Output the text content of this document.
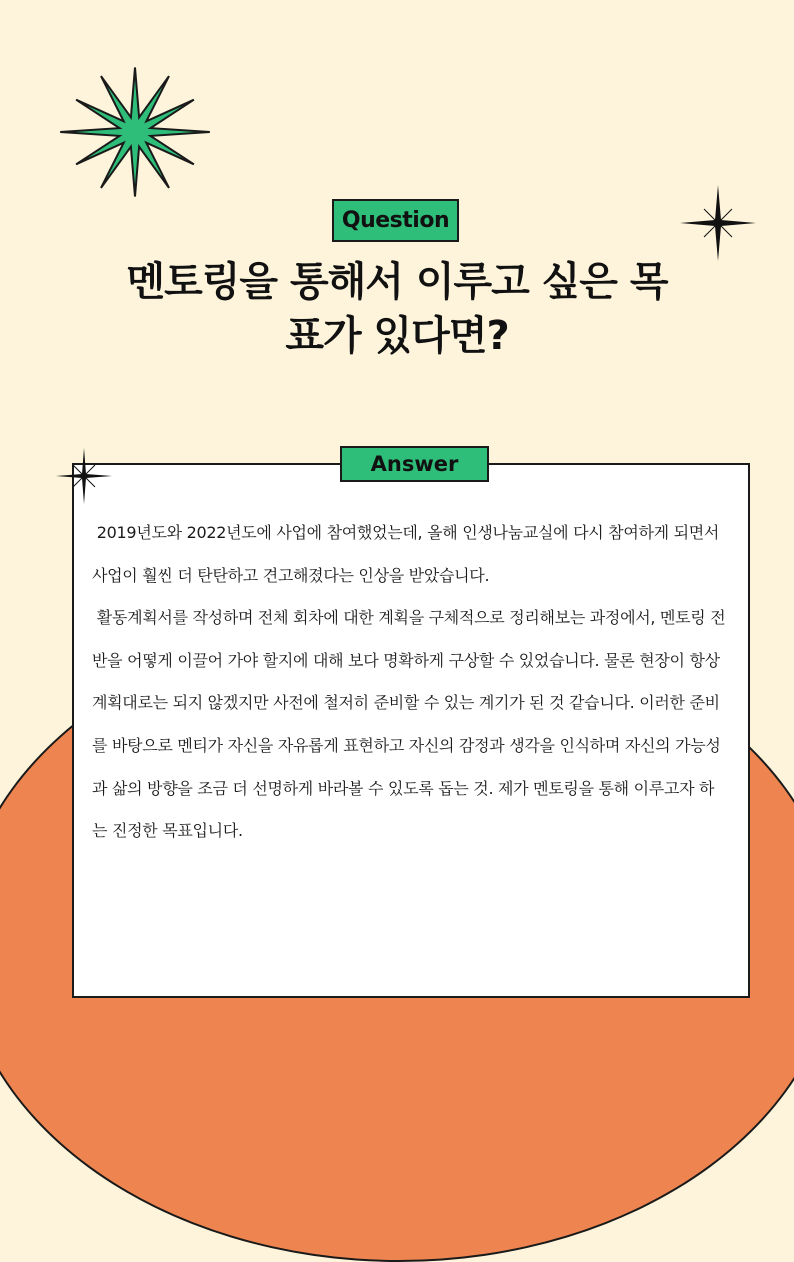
Question
멘토링을 통해서 이루고 싶은 목
표가 있다면?
Answer

2019년도와 2022년도에 사업에 참여했었는데, 올해 인생나눔교실에 다시 참여하게 되면서 사업이 훨씬 더 탄탄하고 견고해졌다는 인상을 받았습니다.

활동계획서를 작성하며 전체 회차에 대한 계획을 구체적으로 정리해보는 과정에서, 멘토링 전반을 어떻게 이끌어 가야 할지에 대해 보다 명확하게 구상할 수 있었습니다. 물론 현장이 항상 계획대로는 되지 않겠지만 사전에 철저히 준비할 수 있는 계기가 된 것 같습니다. 이러한 준비를 바탕으로 멘티가 자신을 자유롭게 표현하고 자신의 감정과 생각을 인식하며 자신의 가능성과 삶의 방향을 조금 더 선명하게 바라볼 수 있도록 돕는 것. 제가 멘토링을 통해 이루고자 하는 진정한 목표입니다.
